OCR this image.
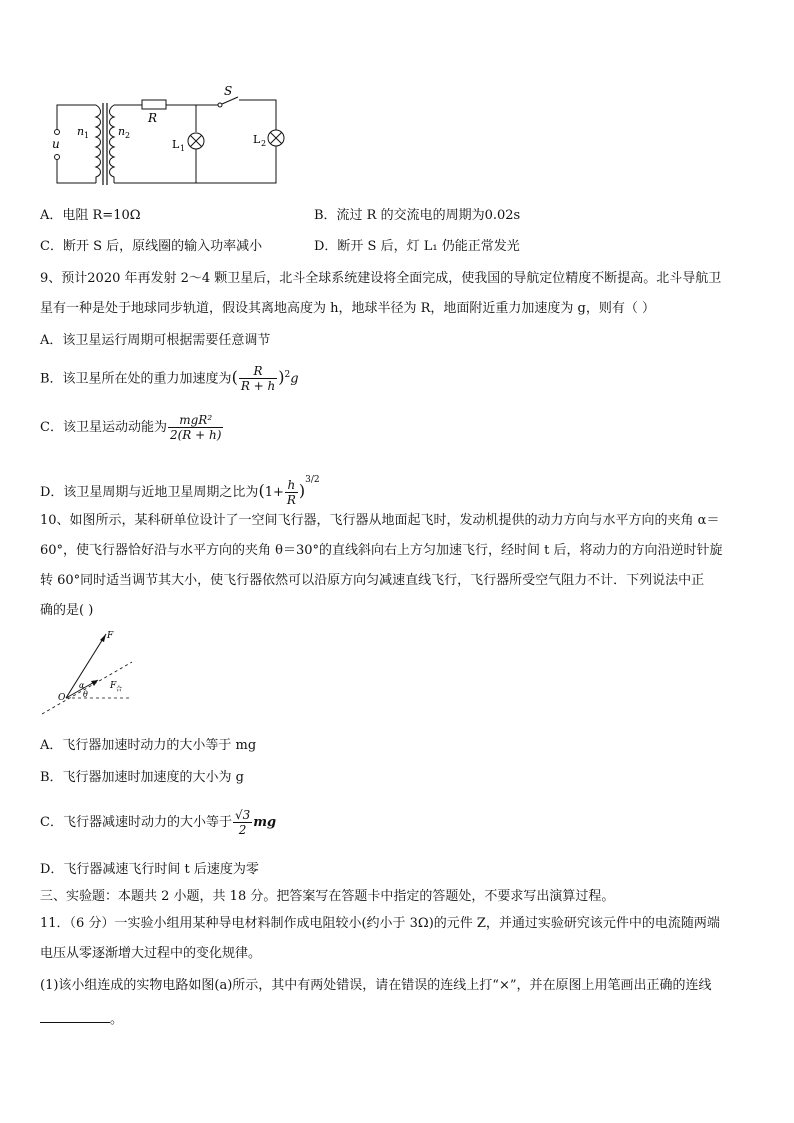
u
n 1	n 2
R
S
L 1
L 2
A．电阻 R=10Ω	B．流过 R 的交流电的周期为0.02s
C．断开 S 后，原线圈的输入功率减小	D．断开 S 后，灯 L₁ 仍能正常发光
9、预计2020 年再发射 2～4 颗卫星后，北斗全球系统建设将全面完成，使我国的导航定位精度不断提高。北斗导航卫
星有一种是处于地球同步轨道，假设其离地高度为 h，地球半径为 R，地面附近重力加速度为 g，则有（ ）
A．该卫星运行周期可根据需要任意调节
B．该卫星所在处的重力加速度为( $\frac{R}{R + h} )^2g$
C．该卫星运动动能为 $\frac{\text{mgR²}}{2(R + h)}$
D．该卫星周期与近地卫星周期之比为$(1+ \frac{h}{R} )^{3/2}$
10、如图所示，某科研单位设计了一空间飞行器，飞行器从地面起飞时，发动机提供的动力方向与水平方向的夹角 α＝
60°，使飞行器恰好沿与水平方向的夹角 θ＝30°的直线斜向右上方匀加速飞行，经时间 t 后，将动力的方向沿逆时针旋
转 60°同时适当调节其大小，使飞行器依然可以沿原方向匀减速直线飞行，飞行器所受空气阻力不计．下列说法中正
确的是( )
F
F 合
O
α
θ
A．飞行器加速时动力的大小等于 mg
B．飞行器加速时加速度的大小为 g
C．飞行器减速时动力的大小等于 $\frac{√3}{2}$ mg
D．飞行器减速飞行时间 t 后速度为零
三、实验题：本题共 2 小题，共 18 分。把答案写在答题卡中指定的答题处，不要求写出演算过程。
11．（6 分）一实验小组用某种导电材料制作成电阻较小(约小于 3Ω)的元件 Z，并通过实验研究该元件中的电流随两端
电压从零逐渐增大过程中的变化规律。
(1)该小组连成的实物电路如图(a)所示，其中有两处错误，请在错误的连线上打“×”，并在原图上用笔画出正确的连线
。
